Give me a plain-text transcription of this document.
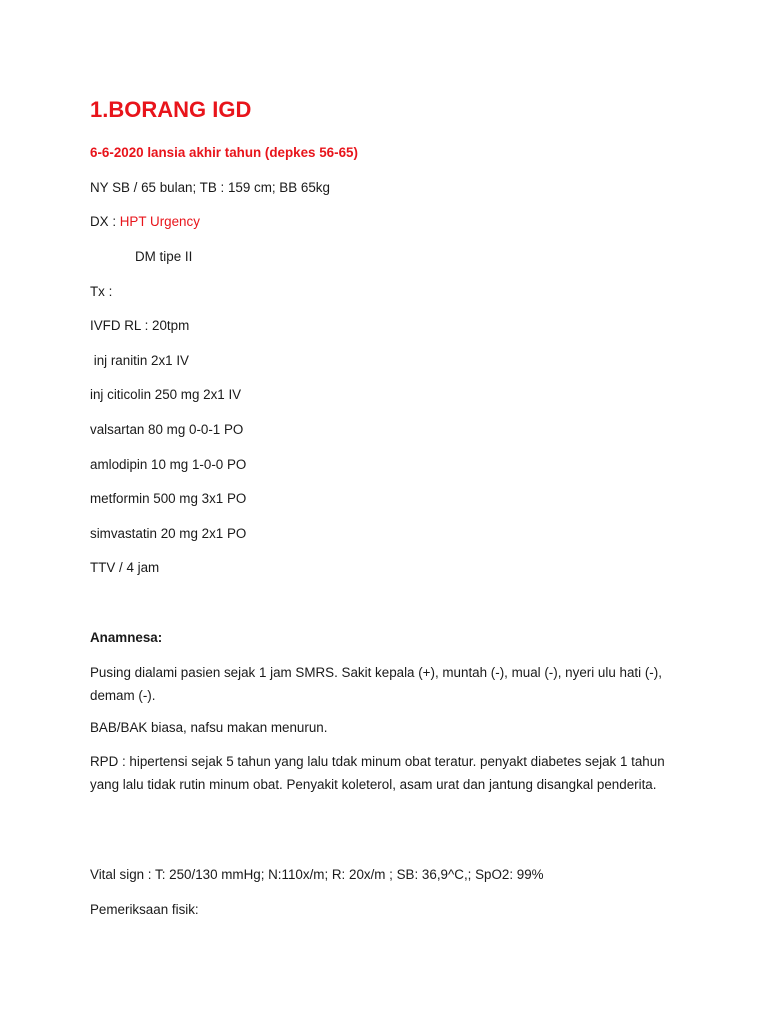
1.BORANG IGD
6-6-2020 lansia akhir tahun (depkes 56-65)
NY SB / 65 bulan; TB : 159 cm; BB 65kg
DX : HPT Urgency
DM tipe II
Tx :
IVFD RL : 20tpm
inj ranitin 2x1 IV
inj citicolin 250 mg 2x1 IV
valsartan 80 mg 0-0-1 PO
amlodipin 10 mg 1-0-0 PO
metformin 500 mg 3x1 PO
simvastatin 20 mg 2x1 PO
TTV / 4 jam
Anamnesa:
Pusing dialami pasien sejak 1 jam SMRS. Sakit kepala (+), muntah (-), mual (-), nyeri ulu hati (-), demam (-).
BAB/BAK biasa, nafsu makan menurun.
RPD : hipertensi sejak 5 tahun yang lalu tdak minum obat teratur. penyakt diabetes sejak 1 tahun yang lalu tidak rutin minum obat. Penyakit koleterol, asam urat dan jantung disangkal penderita.
Vital sign : T: 250/130 mmHg; N:110x/m; R: 20x/m ; SB: 36,9^C,; SpO2: 99%
Pemeriksaan fisik:
